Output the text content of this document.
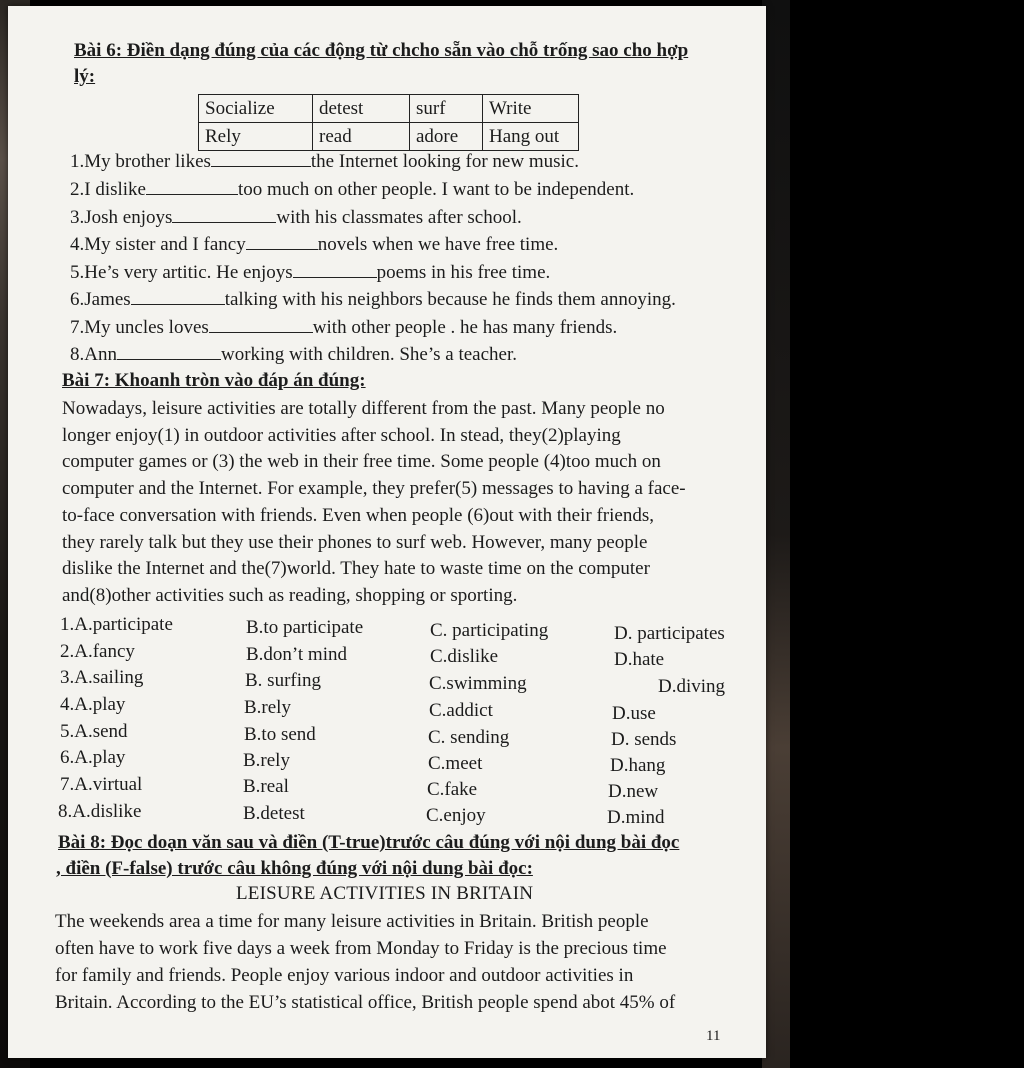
Bài 6: Điền dạng đúng của các động từ chcho sẵn vào chỗ trống sao cho hợp
lý:
Socialize	detest	surf	Write
Rely	read	adore	Hang out
1.My brother likes	the Internet looking for new music.
2.I dislike	too much on other people. I want to be independent.
3.Josh enjoys	with his classmates after school.
4.My sister and I fancy	novels when we have free time.
5.He’s very artitic. He enjoys	poems in his free time.
6.James	talking with his neighbors because he finds them annoying.
7.My uncles loves	with other people . he has many friends.
8.Ann	working with children. She’s a teacher.
Bài 7: Khoanh tròn vào đáp án đúng:

Nowadays, leisure activities are totally different from the past. Many people no

longer enjoy(1) in outdoor activities after school. In stead, they(2)playing

computer games or (3) the web in their free time. Some people (4)too much on

computer and the Internet. For example, they prefer(5) messages to having a face-

to-face conversation with friends. Even when people (6)out with their friends,

they rarely talk but they use their phones to surf web. However, many people

dislike the Internet and the(7)world. They hate to waste time on the computer

and(8)other activities such as reading, shopping or sporting.

1.A.participate	B.to participate	C. participating	D. participates
2.A.fancy	B.don’t mind	C.dislike	D.hate
3.A.sailing	B. surfing	C.swimming	D.diving
4.A.play	B.rely	C.addict	D.use
5.A.send	B.to send	C. sending	D. sends
6.A.play	B.rely	C.meet	D.hang
7.A.virtual	B.real	C.fake	D.new
8.A.dislike	B.detest	C.enjoy	D.mind
Bài 8: Đọc doạn văn sau và điền (T-true)trước câu đúng với nội dung bài đọc
, điền (F-false) trước câu không đúng với nội dung bài đọc:
LEISURE ACTIVITIES IN BRITAIN

The weekends area a time for many leisure activities in Britain. British people

often have to work five days a week from Monday to Friday is the precious time

for family and friends. People enjoy various indoor and outdoor activities in

Britain. According to the EU’s statistical office, British people spend abot 45% of

11
